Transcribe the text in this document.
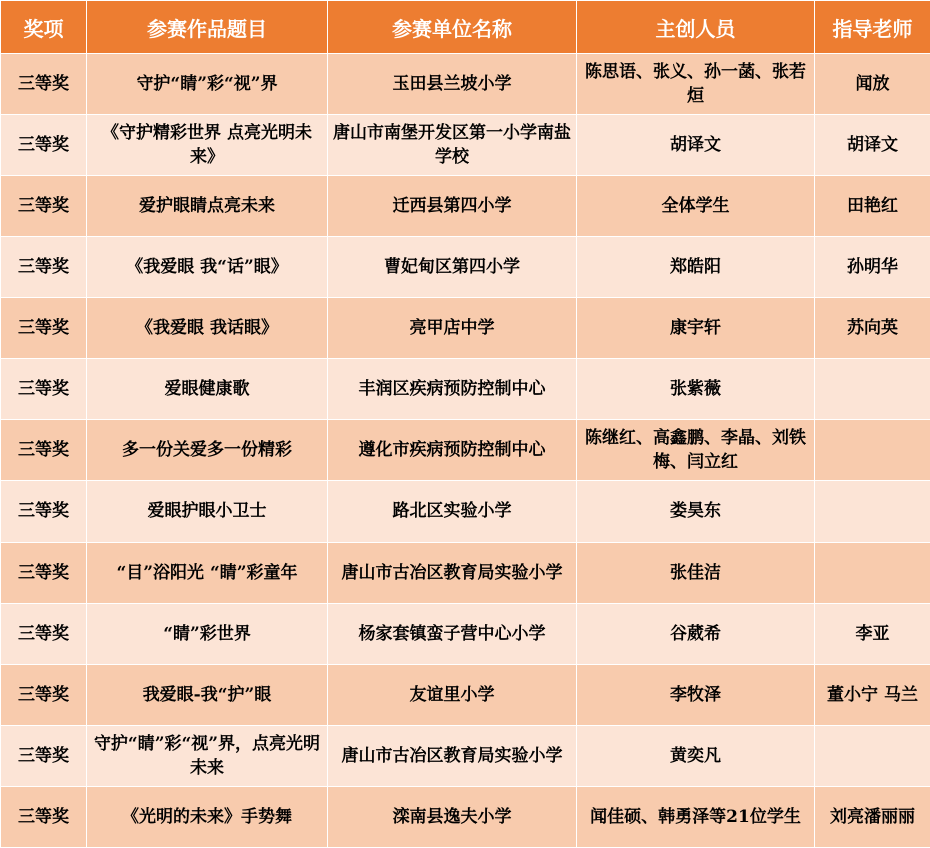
奖项	参赛作品题目	参赛单位名称	主创人员	指导老师
三等奖	守护“睛”彩“视”界	玉田县兰坡小学	陈思语、张义、孙一菡、张若烜	闻放
三等奖	《守护精彩世界 点亮光明未来》	唐山市南堡开发区第一小学南盐学校	胡译文	胡译文
三等奖	爱护眼睛点亮未来	迁西县第四小学	全体学生	田艳红
三等奖	《我爱眼 我“话”眼》	曹妃甸区第四小学	郑皓阳	孙明华
三等奖	《我爱眼 我话眼》	亮甲店中学	康宇轩	苏向英
三等奖	爱眼健康歌	丰润区疾病预防控制中心	张紫薇	
三等奖	多一份关爱多一份精彩	遵化市疾病预防控制中心	陈继红、高鑫鹏、李晶、刘铁梅、闫立红	
三等奖	爱眼护眼小卫士	路北区实验小学	娄昊东	
三等奖	“目”浴阳光 “睛”彩童年	唐山市古冶区教育局实验小学	张佳洁	
三等奖	“睛”彩世界	杨家套镇蛮子营中心小学	谷葳希	李亚
三等奖	我爱眼-我“护”眼	友谊里小学	李牧泽	董小宁 马兰
三等奖	守护“睛”彩“视”界，点亮光明未来	唐山市古冶区教育局实验小学	黄奕凡	
三等奖	《光明的未来》手势舞	滦南县逸夫小学	闻佳硕、韩勇泽等21位学生	刘亮潘丽丽
